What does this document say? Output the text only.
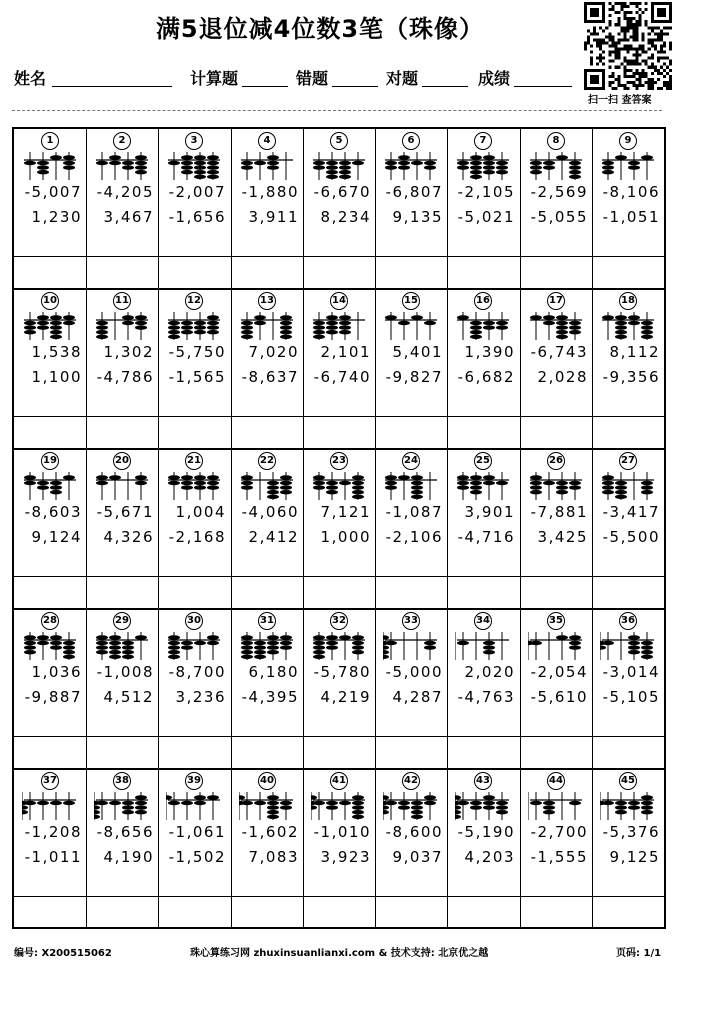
满5退位减4位数3笔（珠像）
扫一扫 查答案
姓名	计算题	错题	对题	成绩
1
-5,007
1,230
2
-4,205
3,467
3
-2,007
-1,656
4
-1,880
3,911
5
-6,670
8,234
6
-6,807
9,135
7
-2,105
-5,021
8
-2,569
-5,055
9
-8,106
-1,051
10
1,538
1,100
11
1,302
-4,786
12
-5,750
-1,565
13
7,020
-8,637
14
2,101
-6,740
15
5,401
-9,827
16
1,390
-6,682
17
-6,743
2,028
18
8,112
-9,356
19
-8,603
9,124
20
-5,671
4,326
21
1,004
-2,168
22
-4,060
2,412
23
7,121
1,000
24
-1,087
-2,106
25
3,901
-4,716
26
-7,881
3,425
27
-3,417
-5,500
28
1,036
-9,887
29
-1,008
4,512
30
-8,700
3,236
31
6,180
-4,395
32
-5,780
4,219
33
-5,000
4,287
34
2,020
-4,763
35
-2,054
-5,610
36
-3,014
-5,105
37
-1,208
-1,011
38
-8,656
4,190
39
-1,061
-1,502
40
-1,602
7,083
41
-1,010
3,923
42
-8,600
9,037
43
-5,190
4,203
44
-2,700
-1,555
45
-5,376
9,125
编号: X200515062	珠心算练习网 zhuxinsuanlianxi.com & 技术支持: 北京优之越	页码: 1/1
